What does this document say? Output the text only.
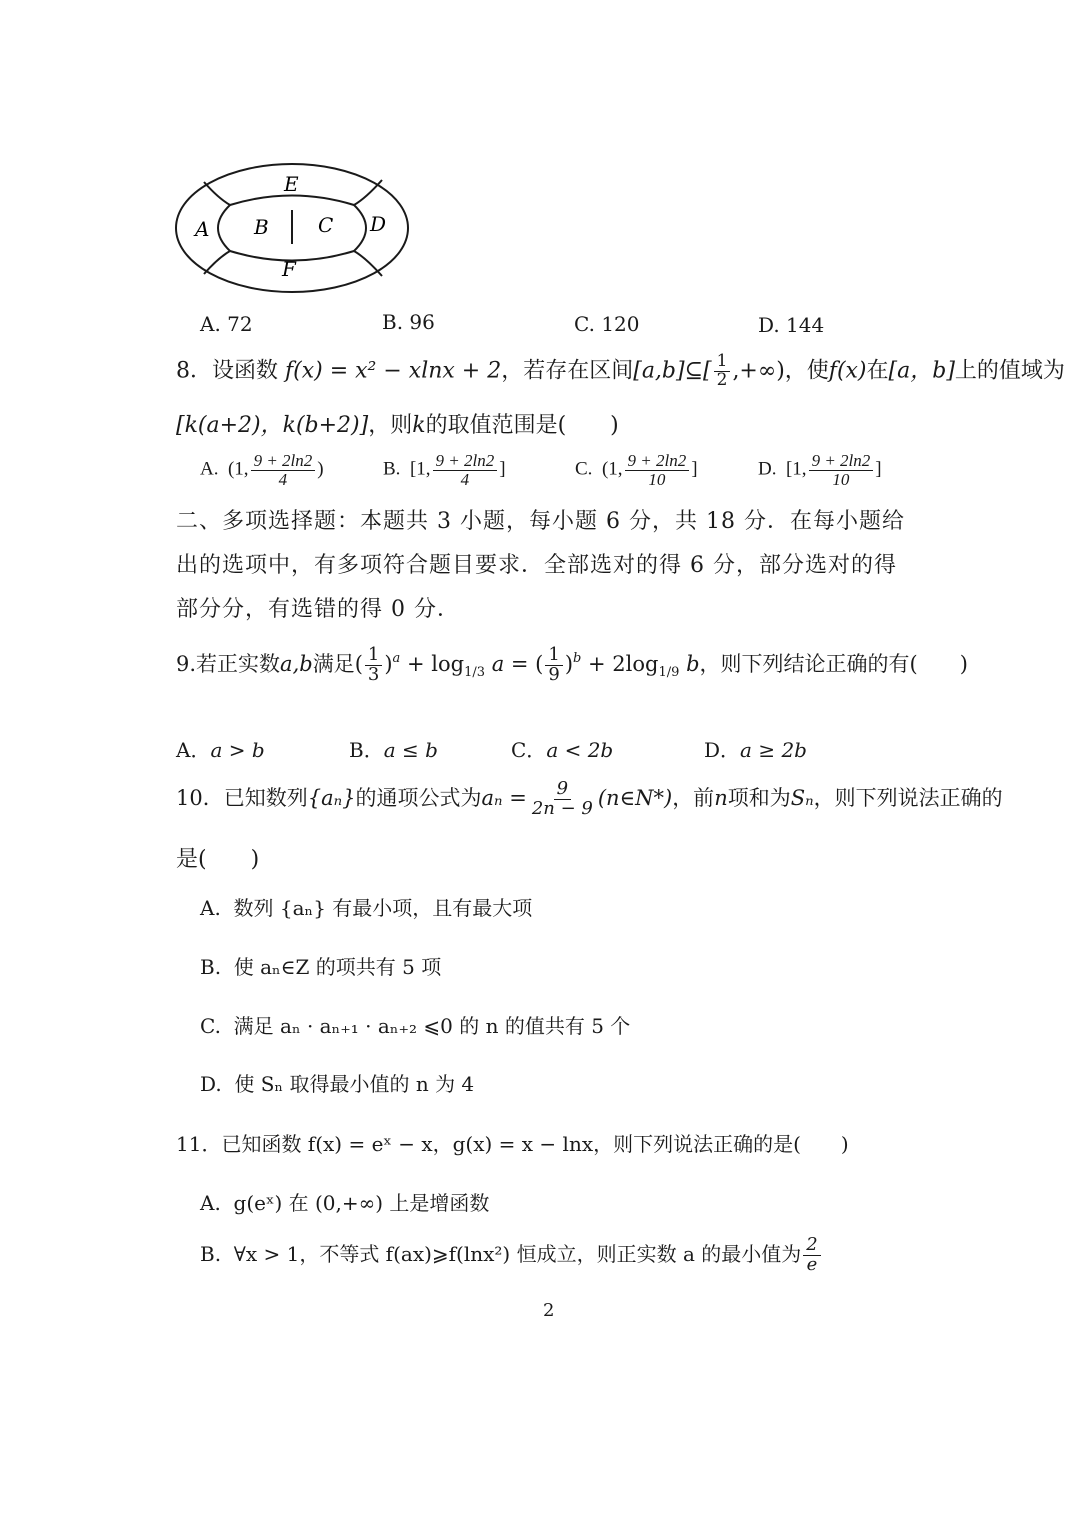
E
A B C D
F
A. 72	B. 96	C. 120	D. 144
8．设函数 f(x) = x² − xlnx + 2，若存在区间[a,b]⊆[ $\frac{1}{2}$ ,+∞)，使f(x)在[a，b]上的值域为
[k(a+2)，k(b+2)]，则k的取值范围是(　　)
A. (1, $\frac{9 + 2\ln 2}{4}$ )	B. [1, $\frac{9 + 2\ln 2}{4}$ ]	C. (1, $\frac{9 + 2\ln 2}{10}$ ]	D. [1, $\frac{9 + 2\ln 2}{10}$ ]
二、多项选择题：本题共 3 小题，每小题 6 分，共 18 分．在每小题给出的选项中，有多项符合题目要求．全部选对的得 6 分，部分选对的得部分分，有选错的得 0 分．
9.若正实数a,b满足( $\frac{1}{3} )^a + \log_{1/3} a$ = ( $\frac{1}{9} )^b + 2\log_{1/9}$ b，则下列结论正确的有(　　)
A．a > b	B．a ≤ b	C．a < 2b	D．a ≥ 2b
10．已知数列{aₙ}的通项公式为$a_n = \frac{9}{2n - 9}$ (n∈N*)，前n项和为Sₙ，则下列说法正确的
是(　　)
A. 数列 {aₙ} 有最小项，且有最大项
B. 使 aₙ∈Z 的项共有 5 项
C. 满足 aₙ · aₙ₊₁ · aₙ₊₂ ⩽0 的 n 的值共有 5 个
D. 使 Sₙ 取得最小值的 n 为 4
11．已知函数 f(x) = eˣ − x，g(x) = x − lnx，则下列说法正确的是(　　)
A. g(eˣ) 在 (0,+∞) 上是增函数
B. ∀x > 1，不等式 f(ax)⩾f(lnx²) 恒成立，则正实数 a 的最小值为 $\frac{2}{e}$
2
